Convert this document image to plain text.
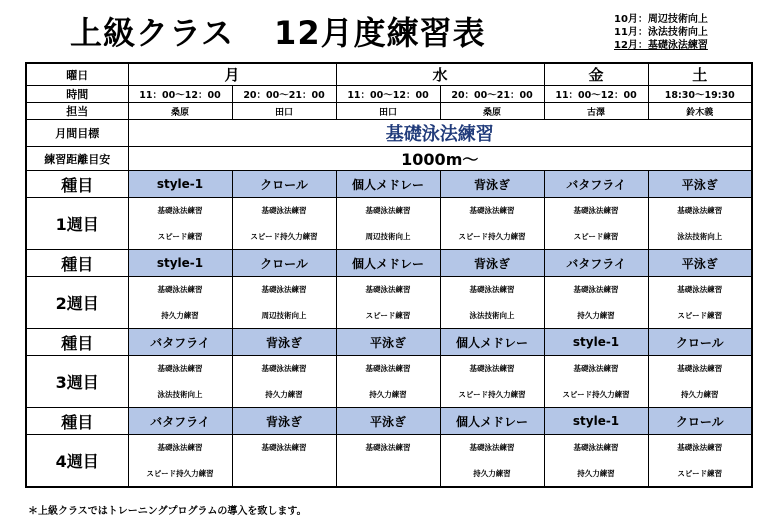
上級クラス 12月度練習表	10月：周辺技術向上
11月：泳法技術向上
12月：基礎泳法練習
曜日	月		水		金	土
時間	11：00～12：00	20：00～21：00	11：00～12：00	20：00～21：00	11：00～12：00	18:30～19:30
担当	桑原	田口	田口	桑原	古澤	鈴木義
月間目標	基礎泳法練習					
練習距離目安	1000m～					
種目	style-1	クロール	個人メドレー	背泳ぎ	バタフライ	平泳ぎ
1週目	基礎泳法練習	基礎泳法練習	基礎泳法練習	基礎泳法練習	基礎泳法練習	基礎泳法練習
	スピード練習	スピード持久力練習	周辺技術向上	スピード持久力練習	スピード練習	泳法技術向上
種目	style-1	クロール	個人メドレー	背泳ぎ	バタフライ	平泳ぎ
2週目	基礎泳法練習	基礎泳法練習	基礎泳法練習	基礎泳法練習	基礎泳法練習	基礎泳法練習
	持久力練習	周辺技術向上	スピード練習	泳法技術向上	持久力練習	スピード練習
種目	バタフライ	背泳ぎ	平泳ぎ	個人メドレー	style-1	クロール
3週目	基礎泳法練習	基礎泳法練習	基礎泳法練習	基礎泳法練習	基礎泳法練習	基礎泳法練習
	泳法技術向上	持久力練習	持久力練習	スピード持久力練習	スピード持久力練習	持久力練習
種目	バタフライ	背泳ぎ	平泳ぎ	個人メドレー	style-1	クロール
4週目	基礎泳法練習	基礎泳法練習	基礎泳法練習	基礎泳法練習	基礎泳法練習	基礎泳法練習
	スピード持久力練習			持久力練習	持久力練習	スピード練習
＊上級クラスではトレーニングプログラムの導入を致します。
